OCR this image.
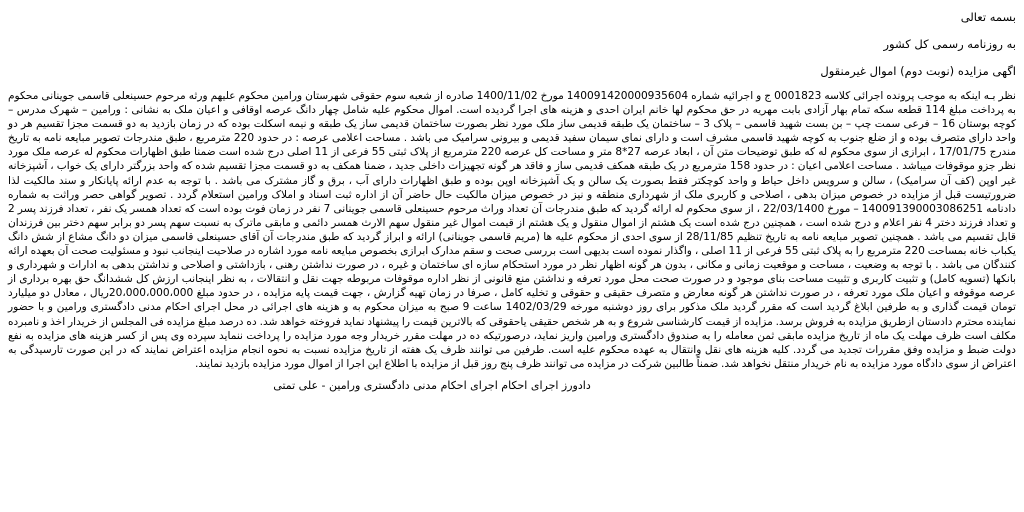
بسمه تعالی
به روزنامه رسمی کل کشور
اگهی مزایده (نوبت دوم) اموال غیرمنقول

نظر بـه اینکه به موجب پرونده اجرائی کلاسه 0001823 ج و اجرائیه شماره 140091420000935604 مورخ 1400/11/02 صادره از شعبه سوم حقوقی شهرستان ورامین محکوم علیهم ورثه مرحوم حسینعلی قاسمی جوینانی محکوم به پرداخت مبلغ 114 قطعه سکه تمام بهار آزادی بابت مهریه در حق محکوم لها خانم ایران احدی و هزینه های اجرا گردیده است. اموال محکوم علیه شامل چهار دانگ عرصه اوقافی و اعیان ملک به نشانی : ورامین – شهرک مدرس – کوچه بوستان 16 – فرعی سمت چپ – بن بست شهید قاسمی – پلاک 3 – ساختمان یک طبقه قدیمی ساز ملک مورد نظر بصورت ساختمان قدیمی ساز یک طبقه و نیمه اسکلت بوده که در زمان بازدید به دو قسمت مجزا تقسیم هر دو واحد دارای متصرف بوده و از ضلع جنوب به کوچه شهید قاسمی مشرف است و دارای نمای سیمان سفید قدیمی و بیرونی سرامیک می باشد . مساحت اعلامی عرصه : در حدود 220 مترمربع ، طبق مندرجات تصویر مبایعه نامه به تاریخ مندرج 17/01/75 ، ابرازی از سوی محکوم له که طبق توضیحات متن آن ، ابعاد عرصه 27*8 متر و مساحت کل عرصه 220 مترمربع از پلاک ثبتی 55 فرعی از 11 اصلی درج شده است ضمنا طبق اظهارات محکوم له عرصه ملک مورد نظر جزو موقوفات میباشد . مساحت اعلامی اعیان : در حدود 158 مترمربع در یک طبقه همکف قدیمی ساز و فاقد هر گونه تجهیزات داخلی جدید ، ضمنا همکف به دو قسمت مجزا تقسیم شده که واحد بزرگتر دارای یک خواب ، آشپزخانه غیر اوپن (کف آن سرامیک) ، سالن و سرویس داخل حیاط و واحد کوچکتر فقط بصورت یک سالن و یک آشپزخانه اوپن بوده و طبق اظهارات دارای آب ، برق و گاز مشترک می باشد . با توجه به عدم ارائه پایانکار و سند مالکیت لذا ضرورتیست قبل از مزایده در خصوص میزان بدهی ، اصلاحی و کاربری ملک از شهرداری منطقه و نیز در خصوص میزان مالکیت حال حاضر آن از اداره ثبت اسناد و املاک ورامین استعلام گردد . تصویر گواهی حصر وراثت به شماره دادنامه 140091390003086251 – مورخ 22/03/1400 ، از سوی محکوم له ارائه گردید که طبق مندرجات آن تعداد وراث مرحوم حسینعلی قاسمی جوینانی 7 نفر در زمان فوت بوده است که تعداد همسر یک نفر ، تعداد فرزند پسر 2 و تعداد فرزند دختر 4 نفر اعلام و درج شده است ، همچنین درج شده است یک هشتم از اموال منقول و یک هشتم از قیمت اموال غیر منقول سهم الارث همسر دائمی و مابقی ماترک به نسبت سهم پسر دو برابر سهم دختر بین فرزندان قابل تقسیم می باشد . همچنین تصویر مبایعه نامه به تاریخ تنظیم 28/11/85 از سوی احدی از محکوم علیه ها (مریم قاسمی جوینانی) ارائه و ابراز گردید که طبق مندرجات آن آقای حسینعلی قاسمی میزان دو دانگ مشاع از شش دانگ یکباب خانه بمساحت 220 مترمربع را به پلاک ثبتی 55 فرعی از 11 اصلی ، واگذار نموده است بدیهی است بررسی صحت و سقم مدارک ابرازی بخصوص مبایعه نامه مورد اشاره در صلاحیت اینجانب نبود و مسئولیت صحت آن بعهده ارائه کنندگان می باشد . با توجه به وضعیت ، مساحت و موقعیت زمانی و مکانی ، بدون هر گونه اظهار نظر در مورد استحکام سازه ای ساختمان و غیره ، در صورت نداشتن رهنی ، بازداشتی و اصلاحی و نداشتن بدهی به ادارات و شهرداری و بانکها (تسویه کامل) و تثبیت کاربری و تثبیت مساحت بنای موجود و در صورت صحت محل مورد تعرفه و نداشتن منع قانونی از نظر اداره موقوفات مربوطه جهت نقل و انتقالات ، به نظر اینجانب ارزش کل ششدانگ حق بهره برداری از عرصه موقوفه و اعیان ملک مورد تعرفه ، در صورت نداشتن هر گونه معارض و متصرف حقیقی و حقوقی و تخلیه کامل ، صرفا در زمان تهیه گزارش ، جهت قیمت پایه مزایده ، در حدود مبلغ 20،000،000،000ریال ، معادل دو میلیارد تومان قیمت گذاری و به طرفین ابلاغ گردید است که مقرر گردید ملک مذکور برای روز دوشنبه مورخه 1402/03/29 ساعت 9 صبح به میزان محکوم به و هزینه های اجرائی در محل اجرای احکام مدنی دادگستری ورامین و با حضور نماینده محترم دادستان ازطریق مزایده به فروش برسد. مزایده از قیمت کارشناسی شروع و به هر شخص حقیقی یاحقوقی که بالاترین قیمت را پیشنهاد نماید فروخته خواهد شد. ده درصد مبلغ مزایده فی المجلس از خریدار اخذ و نامبرده مکلف است ظرف مهلت یک ماه از تاریخ مزایده مابقی ثمن معامله را به صندوق دادگستری ورامین واریز نماید، درصورتیکه ده در مهلت مقرر خریدار وجه مورد مزایده را پرداخت ننماید سپرده وی پس از کسر هزینه های مزایده به نفع دولت ضبط و مزایده وفق مقررات تجدید می گردد. کلیه هزینه های نقل وانتقال به عهده محکوم علیه است. طرفین می توانند ظرف یک هفته از تاریخ مزایده نسبت به نحوه انجام مزایده اعتراض نمایند که در این صورت تارسیدگی به اعتراض از سوی دادگاه مورد مزایده به نام خریدار منتقل نخواهد شد. ضمناً طالبین شرکت در مزایده می توانند ظرف پنج روز قبل از مزایده با اطلاع این اجرا از اموال مورد مزایده بازدید نمایند.

دادورز اجرای احکام اجرای احکام مدنی دادگستری ورامین - علی تمتی
